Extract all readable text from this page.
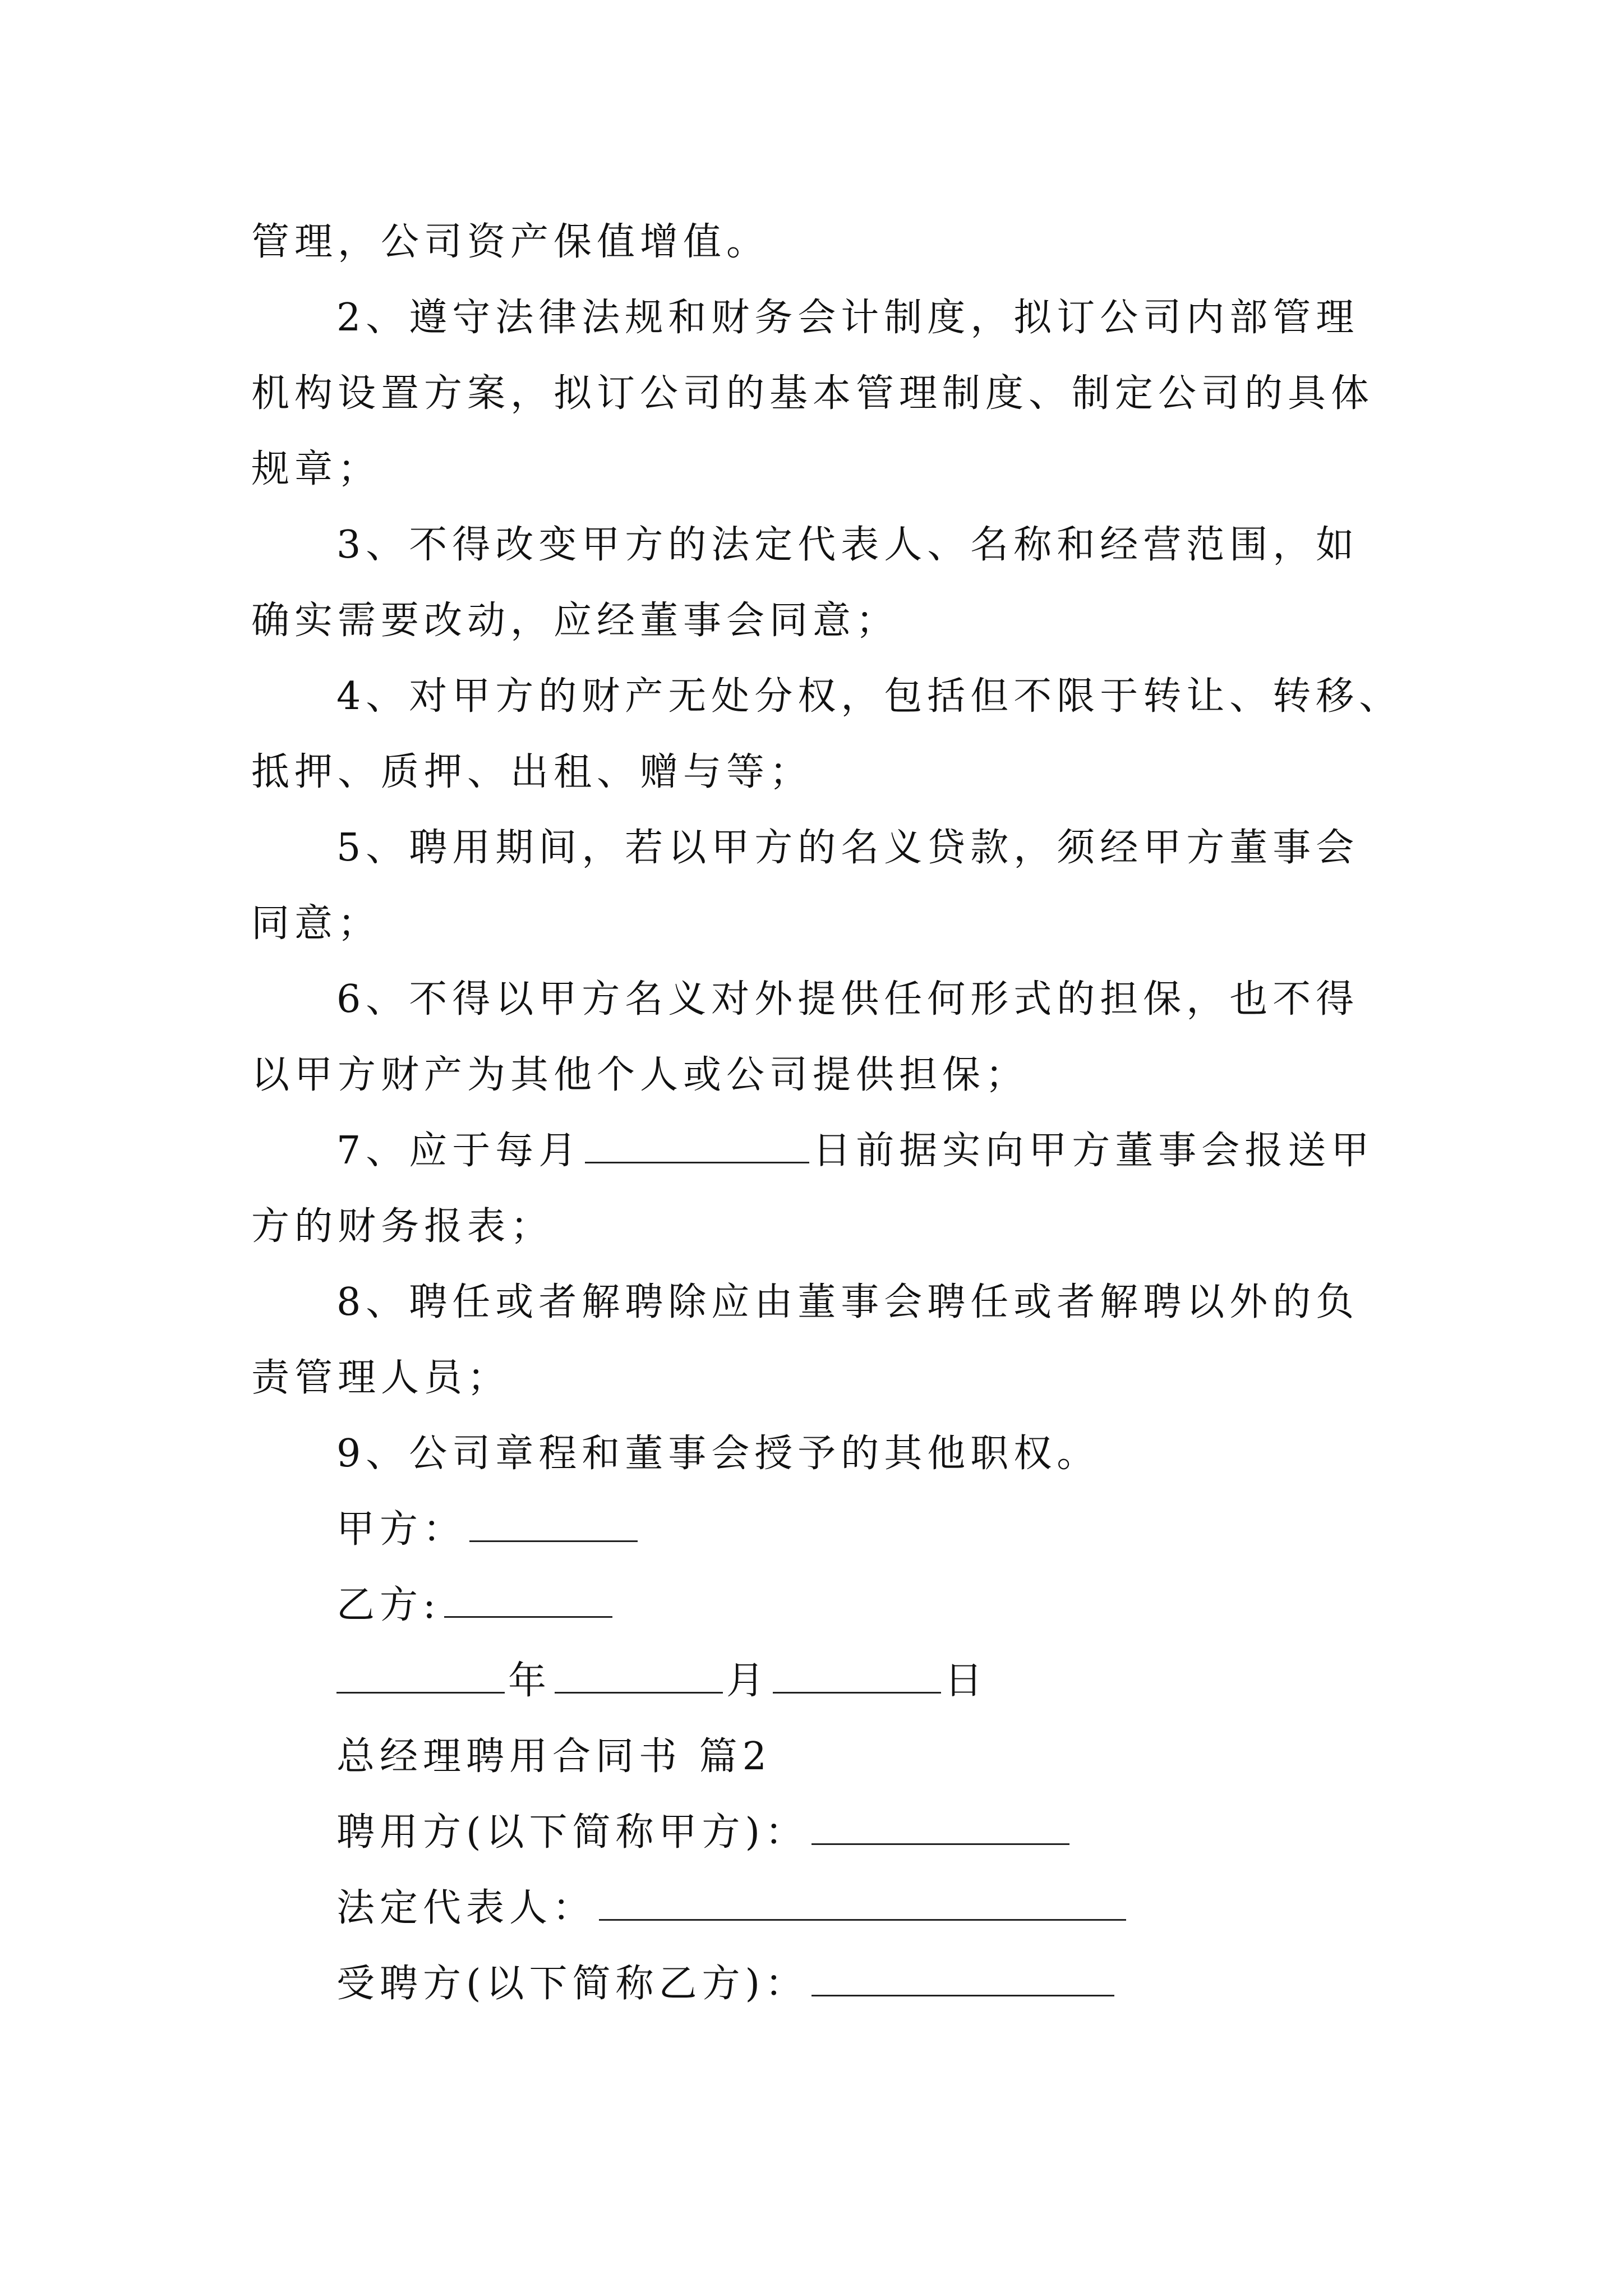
管理，公司资产保值增值。
2、遵守法律法规和财务会计制度，拟订公司内部管理
机构设置方案，拟订公司的基本管理制度、制定公司的具体
规章；
3、不得改变甲方的法定代表人、名称和经营范围，如
确实需要改动，应经董事会同意；
4、对甲方的财产无处分权，包括但不限于转让、转移、
抵押、质押、出租、赠与等；
5、聘用期间，若以甲方的名义贷款，须经甲方董事会
同意；
6、不得以甲方名义对外提供任何形式的担保，也不得
以甲方财产为其他个人或公司提供担保；
7、应于每月	日前据实向甲方董事会报送甲
方的财务报表；
8、聘任或者解聘除应由董事会聘任或者解聘以外的负
责管理人员；
9、公司章程和董事会授予的其他职权。
甲方：
乙方:
年	月	日
总经理聘用合同书 篇2
聘用方(以下简称甲方)：
法定代表人：
受聘方(以下简称乙方)：
